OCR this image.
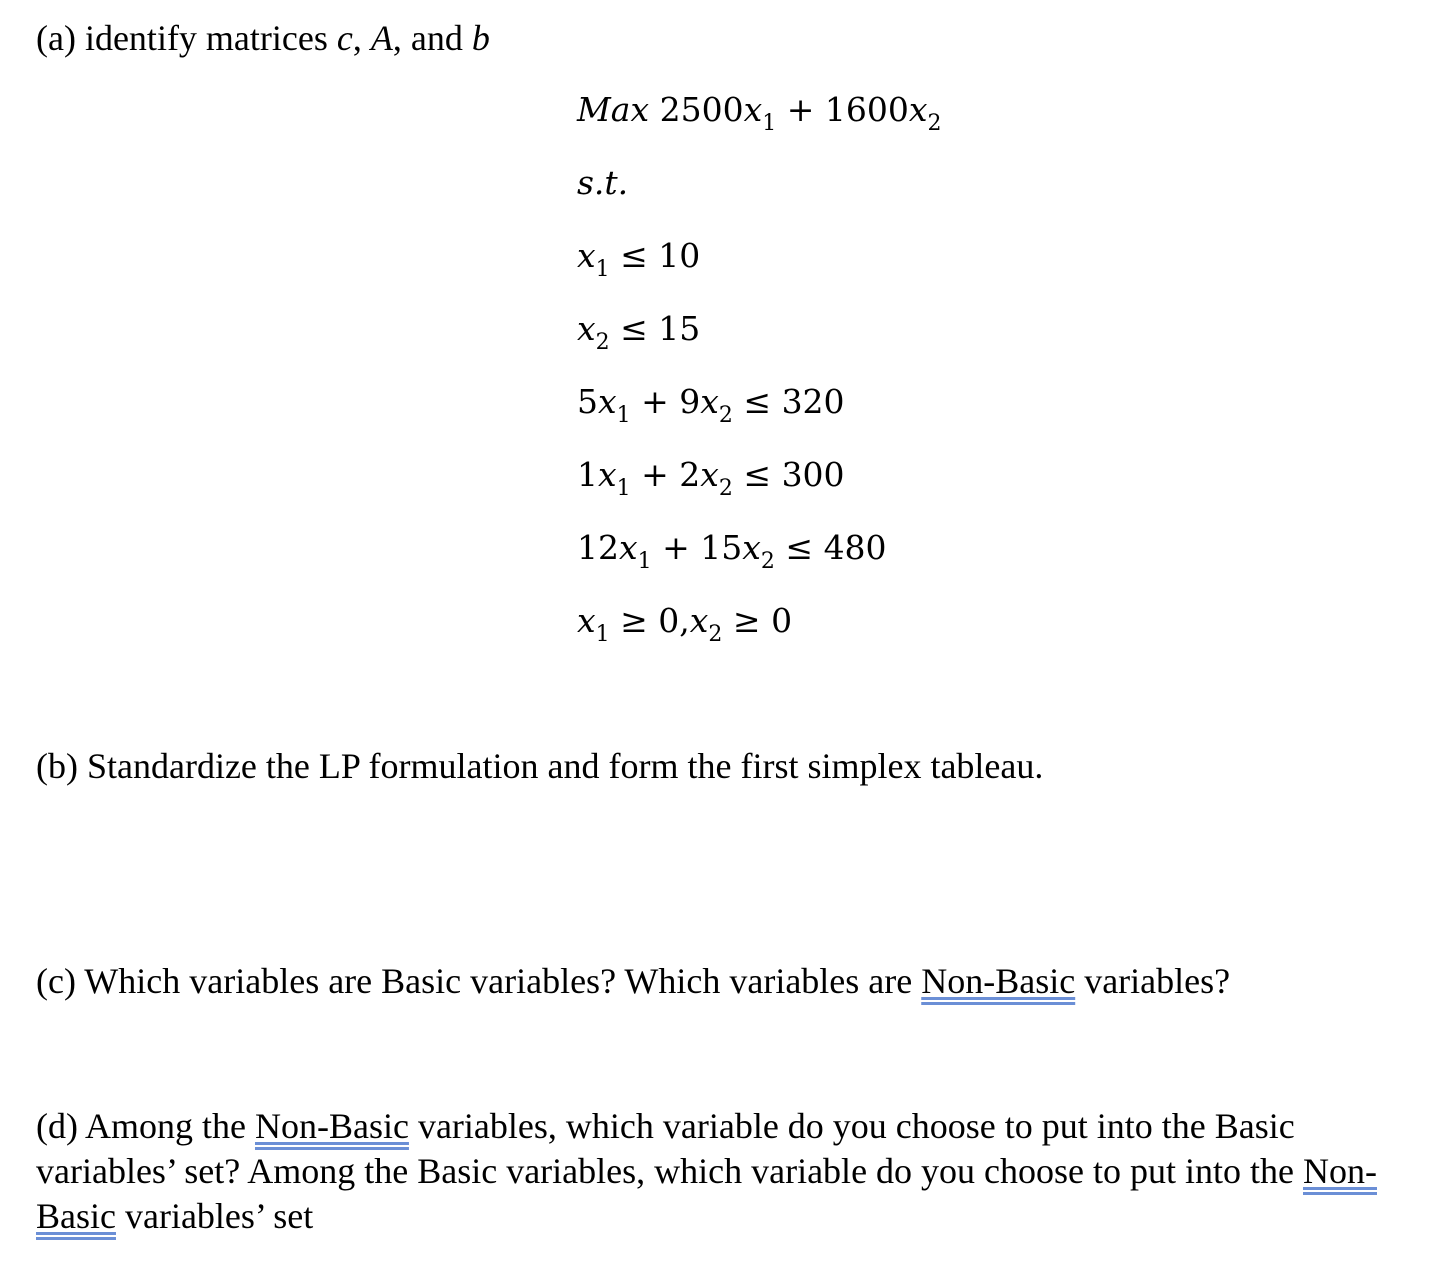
(a) identify matrices c, A, and b

Max $2500x_1 + 1600x_2$
s.t.
$x_1 \le 10$
$x_2 \le 15$
$5x_1 + 9x_2 \le 320$
$1x_1 + 2x_2 \le 300$
$12x_1 + 15x_2 \le 480$
$x_1 \ge 0,x_2 \ge 0$

(b) Standardize the LP formulation and form the first simplex tableau.

(c) Which variables are Basic variables? Which variables are Non-Basic variables?

(d) Among the Non-Basic variables, which variable do you choose to put into the Basic variables’ set? Among the Basic variables, which variable do you choose to put into the Non-Basic variables’ set
